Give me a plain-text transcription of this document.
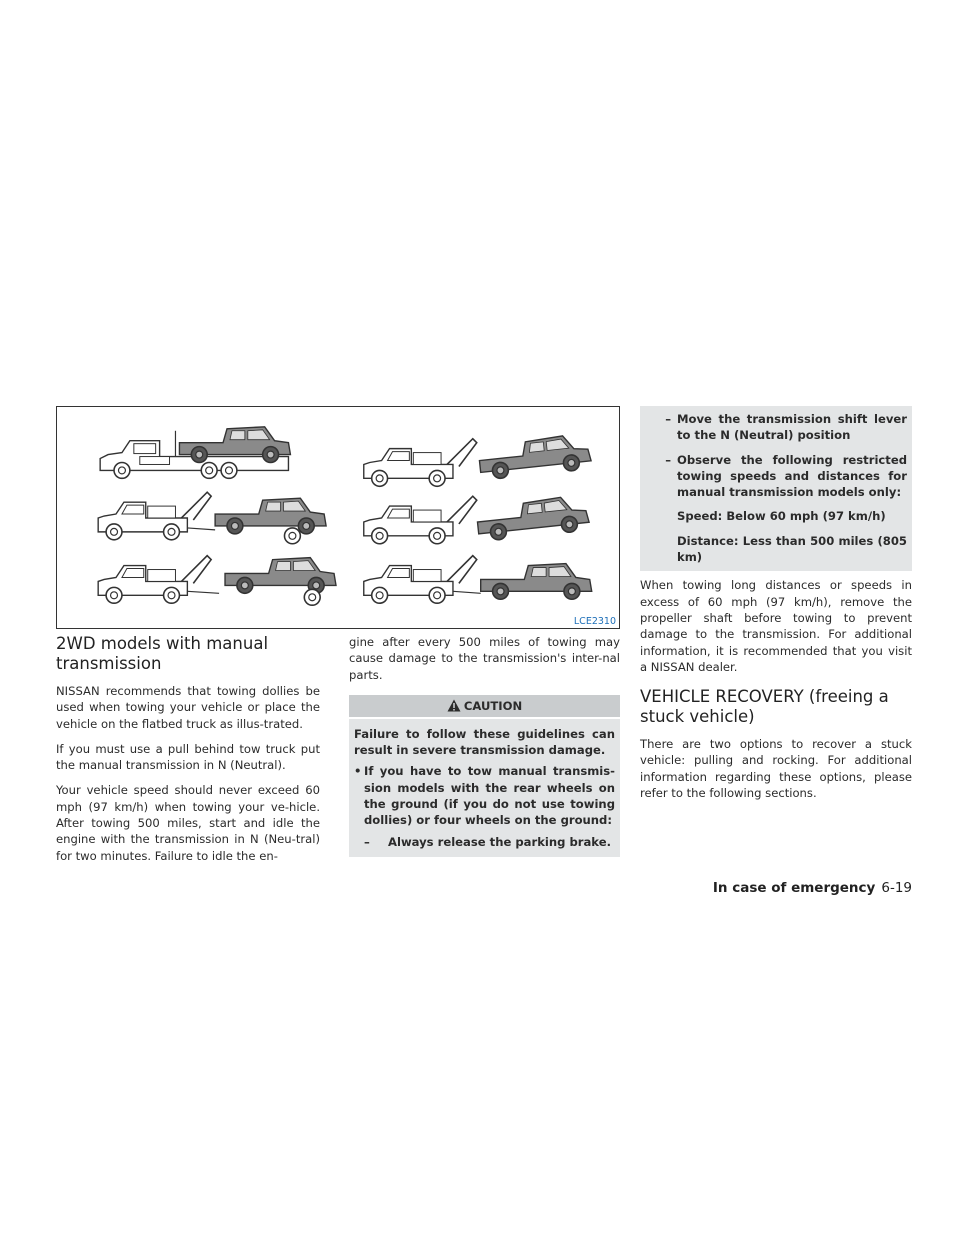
LCE2310
2WD models with manual transmission

NISSAN recommends that towing dollies be used when towing your vehicle or place the vehicle on the flatbed truck as illus-trated.

If you must use a pull behind tow truck put the manual transmission in N (Neutral).

Your vehicle speed should never exceed 60 mph (97 km/h) when towing your ve-hicle. After towing 500 miles, start and idle the engine with the transmission in N (Neu-tral) for two minutes. Failure to idle the en-

gine after every 500 miles of towing may cause damage to the transmission's inter-nal parts.

CAUTION

Failure to follow these guidelines can result in severe transmission damage.

• If you have to tow manual transmis-sion models with the rear wheels on the ground (if you do not use towing dollies) or four wheels on the ground:
–	Always release the parking brake.
– Move the transmission shift lever to the N (Neutral) position
– Observe the following restricted towing speeds and distances for manual transmission models only:
Speed: Below 60 mph (97 km/h)
Distance: Less than 500 miles (805 km)

When towing long distances or speeds in excess of 60 mph (97 km/h), remove the propeller shaft before towing to prevent damage to the transmission. For additional information, it is recommended that you visit a NISSAN dealer.

VEHICLE RECOVERY (freeing a stuck vehicle)

There are two options to recover a stuck vehicle: pulling and rocking. For additional information regarding these options, please refer to the following sections.

In case of emergency 6-19
